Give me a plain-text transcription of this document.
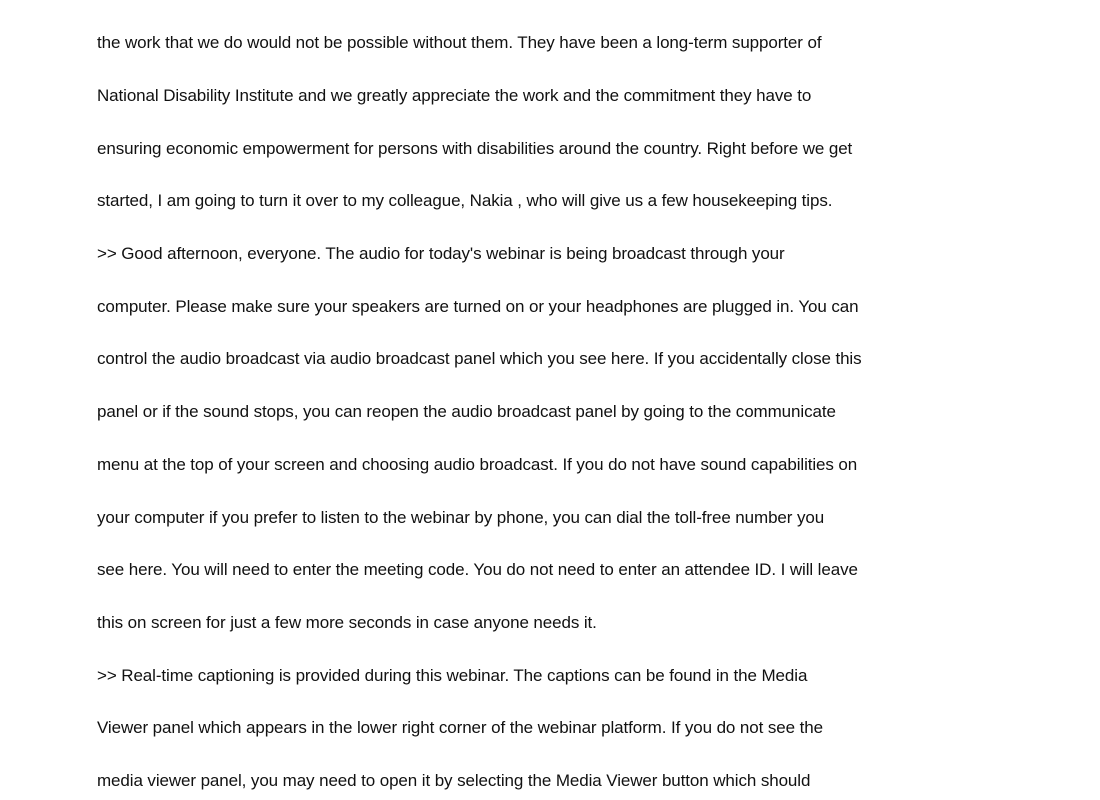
the work that we do would not be possible without them. They have been a long-term supporter of
National Disability Institute and we greatly appreciate the work and the commitment they have to
ensuring economic empowerment for persons with disabilities around the country. Right before we get
started, I am going to turn it over to my colleague, Nakia , who will give us a few housekeeping tips.
>> Good afternoon, everyone. The audio for today's webinar is being broadcast through your
computer. Please make sure your speakers are turned on or your headphones are plugged in. You can
control the audio broadcast via audio broadcast panel which you see here. If you accidentally close this
panel or if the sound stops, you can reopen the audio broadcast panel by going to the communicate
menu at the top of your screen and choosing audio broadcast. If you do not have sound capabilities on
your computer if you prefer to listen to the webinar by phone, you can dial the toll-free number you
see here. You will need to enter the meeting code. You do not need to enter an attendee ID. I will leave
this on screen for just a few more seconds in case anyone needs it.
>> Real-time captioning is provided during this webinar. The captions can be found in the Media
Viewer panel which appears in the lower right corner of the webinar platform. If you do not see the
media viewer panel, you may need to open it by selecting the Media Viewer button which should
